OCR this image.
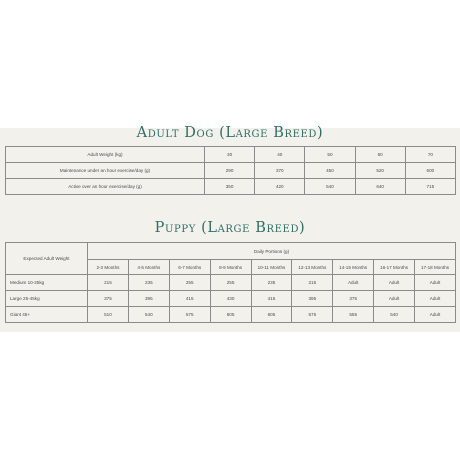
Adult Dog (Large Breed)
Adult Weight (kg)	30	40	50	60	70
Maintenance under an hour exercise/day (g)	290	370	450	520	600
Active over an hour exercise/day (g)	350	420	540	640	715
Puppy (Large Breed)
Expected Adult Weight	Daily Portions (g)								
	2-3 Months	4-5 Months	6-7 Months	8-9 Months	10-11 Months	12-13 Months	14-15 Months	16-17 Months	17-18 Months
Medium 10-25kg	215	235	255	255	235	215	Adult	Adult	Adult
Large 25-45kg	375	395	415	430	415	395	375	Adult	Adult
Giant 45+	510	540	575	605	605	575	555	540	Adult
